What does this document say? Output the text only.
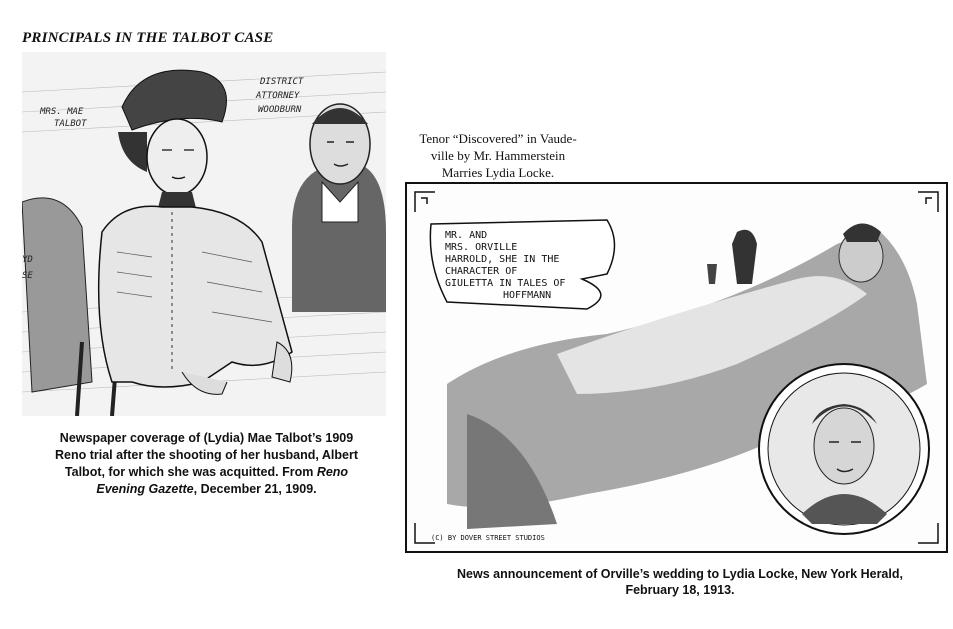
PRINCIPALS IN THE TALBOT CASE
MRS. MAE
TALBOT
DISTRICT
ATTORNEY
WOODBURN
YD
SE
Newspaper coverage of (Lydia) Mae Talbot’s 1909
Reno trial after the shooting of her husband, Albert
Talbot, for which she was acquitted. From Reno
Evening Gazette, December 21, 1909.
Tenor “Discovered” in Vaude-
ville by Mr. Hammerstein
Marries Lydia Locke.
MR. AND
MRS. ORVILLE
HARROLD, SHE IN THE
CHARACTER OF
GIULETTA IN TALES OF
HOFFMANN
(C) BY DOVER STREET STUDIOS
News announcement of Orville’s wedding to Lydia Locke, New York Herald,
February 18, 1913.
